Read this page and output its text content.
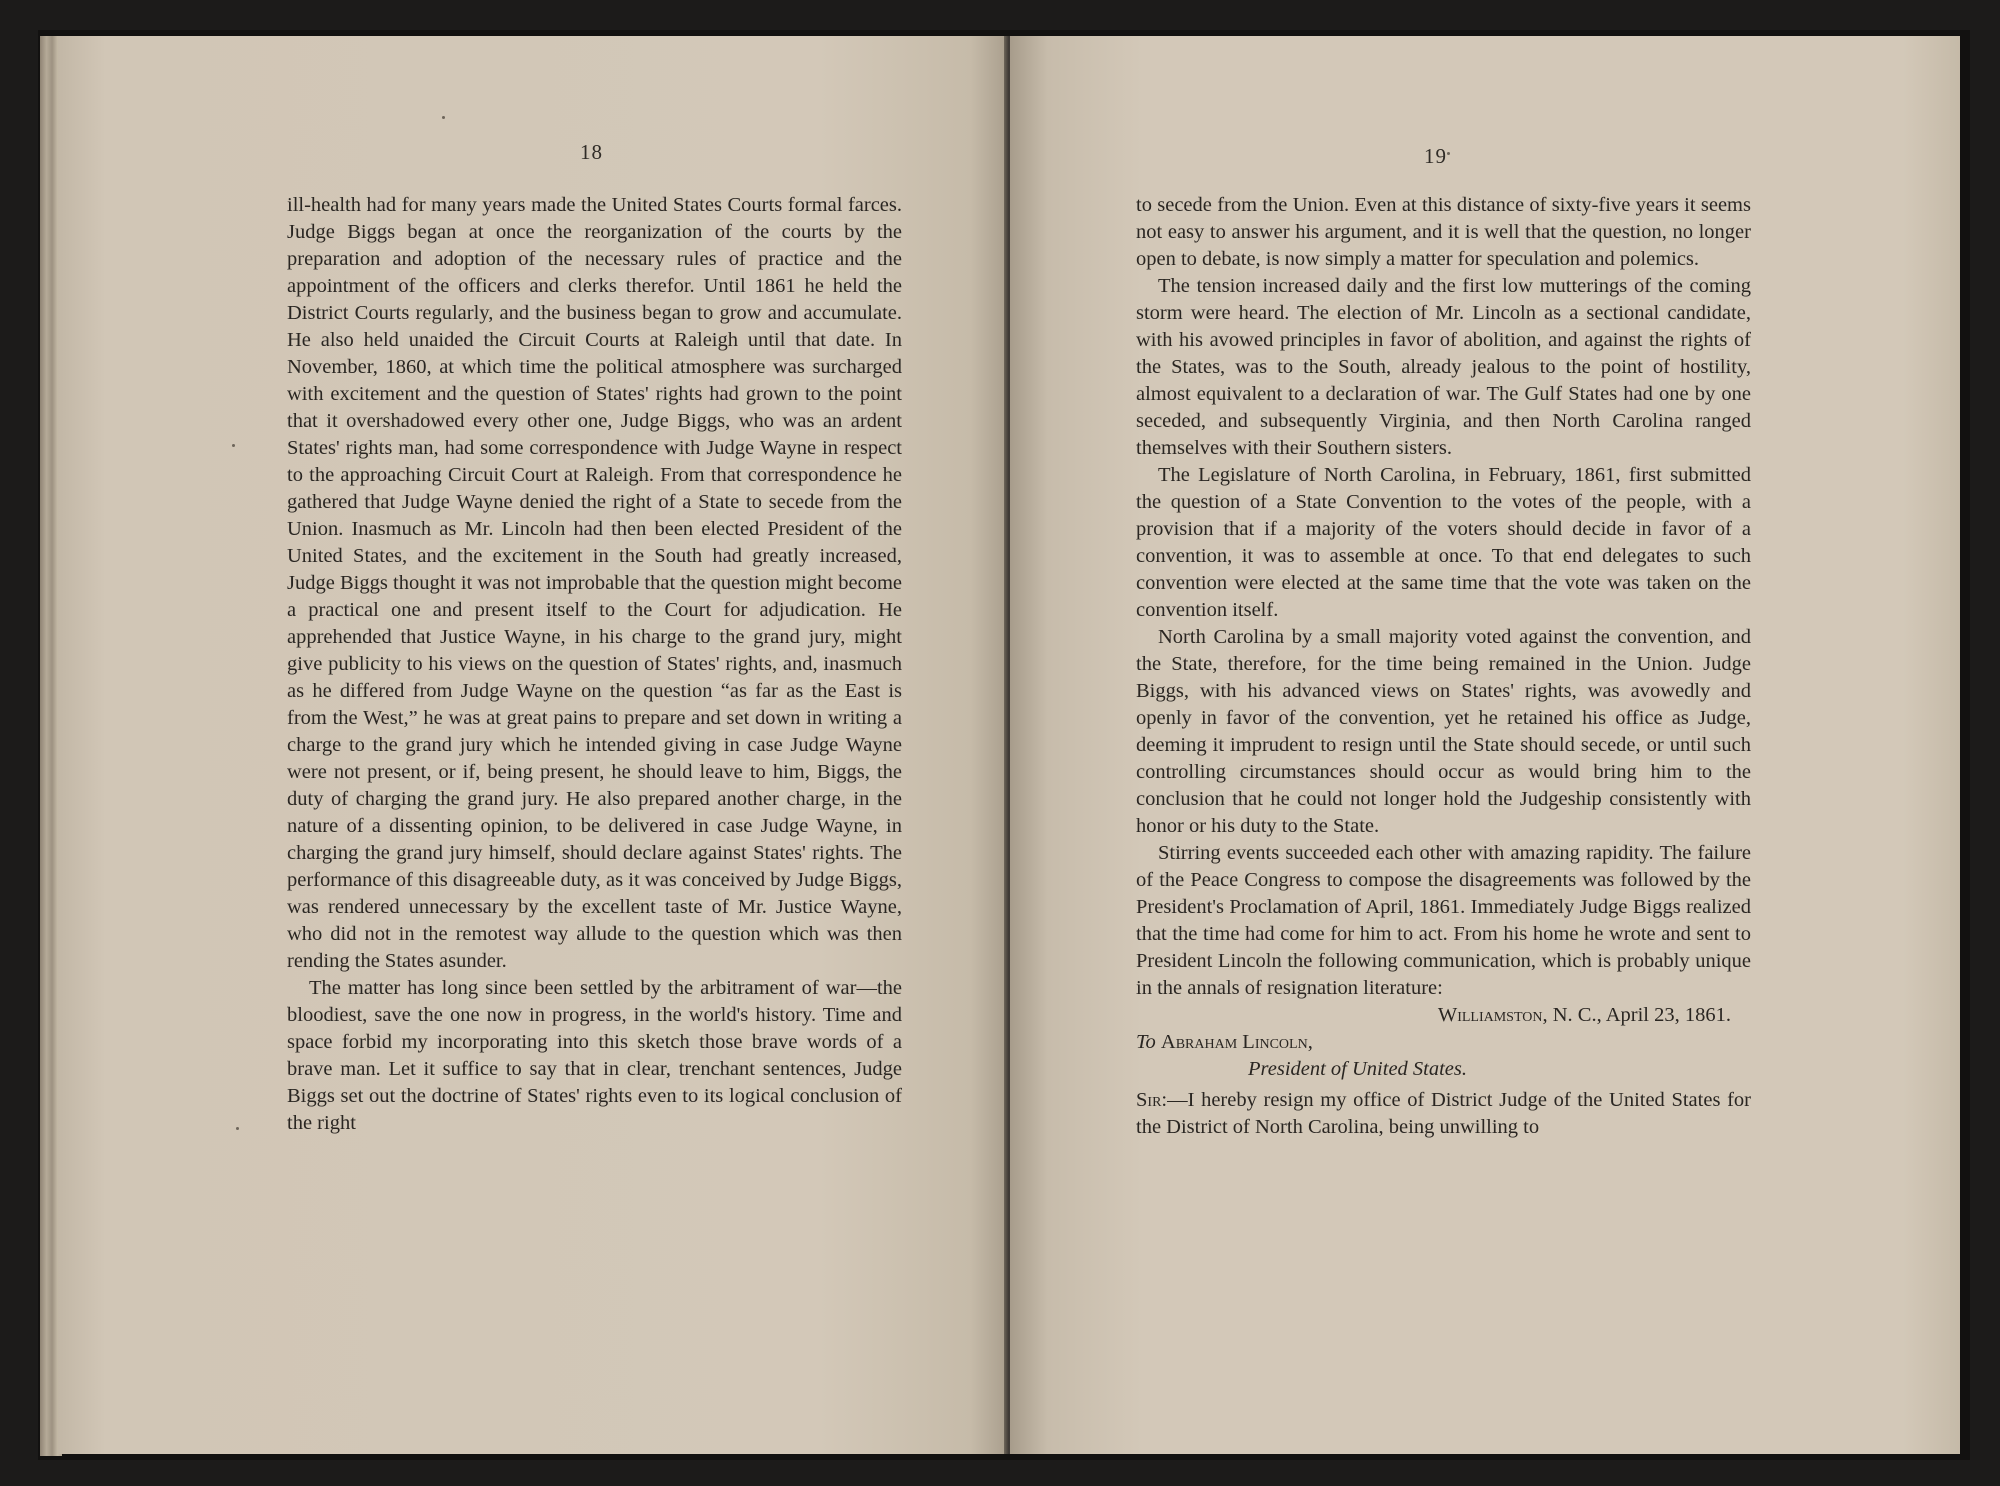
18

ill-health had for many years made the United States Courts formal farces. Judge Biggs began at once the reorganization of the courts by the preparation and adoption of the necessary rules of practice and the appointment of the officers and clerks therefor. Until 1861 he held the District Courts regularly, and the business began to grow and accumulate. He also held unaided the Circuit Courts at Raleigh until that date. In November, 1860, at which time the political atmosphere was surcharged with excitement and the question of States' rights had grown to the point that it overshadowed every other one, Judge Biggs, who was an ardent States' rights man, had some correspondence with Judge Wayne in respect to the approaching Circuit Court at Raleigh. From that correspondence he gathered that Judge Wayne denied the right of a State to secede from the Union. Inasmuch as Mr. Lincoln had then been elected President of the United States, and the excitement in the South had greatly increased, Judge Biggs thought it was not improbable that the question might become a practical one and present itself to the Court for adjudication. He apprehended that Justice Wayne, in his charge to the grand jury, might give publicity to his views on the question of States' rights, and, inasmuch as he differed from Judge Wayne on the question “as far as the East is from the West,” he was at great pains to prepare and set down in writing a charge to the grand jury which he intended giving in case Judge Wayne were not present, or if, being present, he should leave to him, Biggs, the duty of charging the grand jury. He also prepared another charge, in the nature of a dissenting opinion, to be delivered in case Judge Wayne, in charging the grand jury himself, should declare against States' rights. The performance of this disagreeable duty, as it was conceived by Judge Biggs, was rendered unnecessary by the excellent taste of Mr. Justice Wayne, who did not in the remotest way allude to the question which was then rending the States asunder.

The matter has long since been settled by the arbitrament of war—the bloodiest, save the one now in progress, in the world's history. Time and space forbid my incorporating into this sketch those brave words of a brave man. Let it suffice to say that in clear, trenchant sentences, Judge Biggs set out the doctrine of States' rights even to its logical conclusion of the right

19

to secede from the Union. Even at this distance of sixty-five years it seems not easy to answer his argument, and it is well that the question, no longer open to debate, is now simply a matter for speculation and polemics.

The tension increased daily and the first low mutterings of the coming storm were heard. The election of Mr. Lincoln as a sectional candidate, with his avowed principles in favor of abolition, and against the rights of the States, was to the South, already jealous to the point of hostility, almost equivalent to a declaration of war. The Gulf States had one by one seceded, and subsequently Virginia, and then North Carolina ranged themselves with their Southern sisters.

The Legislature of North Carolina, in February, 1861, first submitted the question of a State Convention to the votes of the people, with a provision that if a majority of the voters should decide in favor of a convention, it was to assemble at once. To that end delegates to such convention were elected at the same time that the vote was taken on the convention itself.

North Carolina by a small majority voted against the convention, and the State, therefore, for the time being remained in the Union. Judge Biggs, with his advanced views on States' rights, was avowedly and openly in favor of the convention, yet he retained his office as Judge, deeming it imprudent to resign until the State should secede, or until such controlling circumstances should occur as would bring him to the conclusion that he could not longer hold the Judgeship consistently with honor or his duty to the State.

Stirring events succeeded each other with amazing rapidity. The failure of the Peace Congress to compose the disagreements was followed by the President's Proclamation of April, 1861. Immediately Judge Biggs realized that the time had come for him to act. From his home he wrote and sent to President Lincoln the following communication, which is probably unique in the annals of resignation literature:

Williamston, N. C., April 23, 1861.

To Abraham Lincoln,

President of United States.

Sir:—I hereby resign my office of District Judge of the United States for the District of North Carolina, being unwilling to
